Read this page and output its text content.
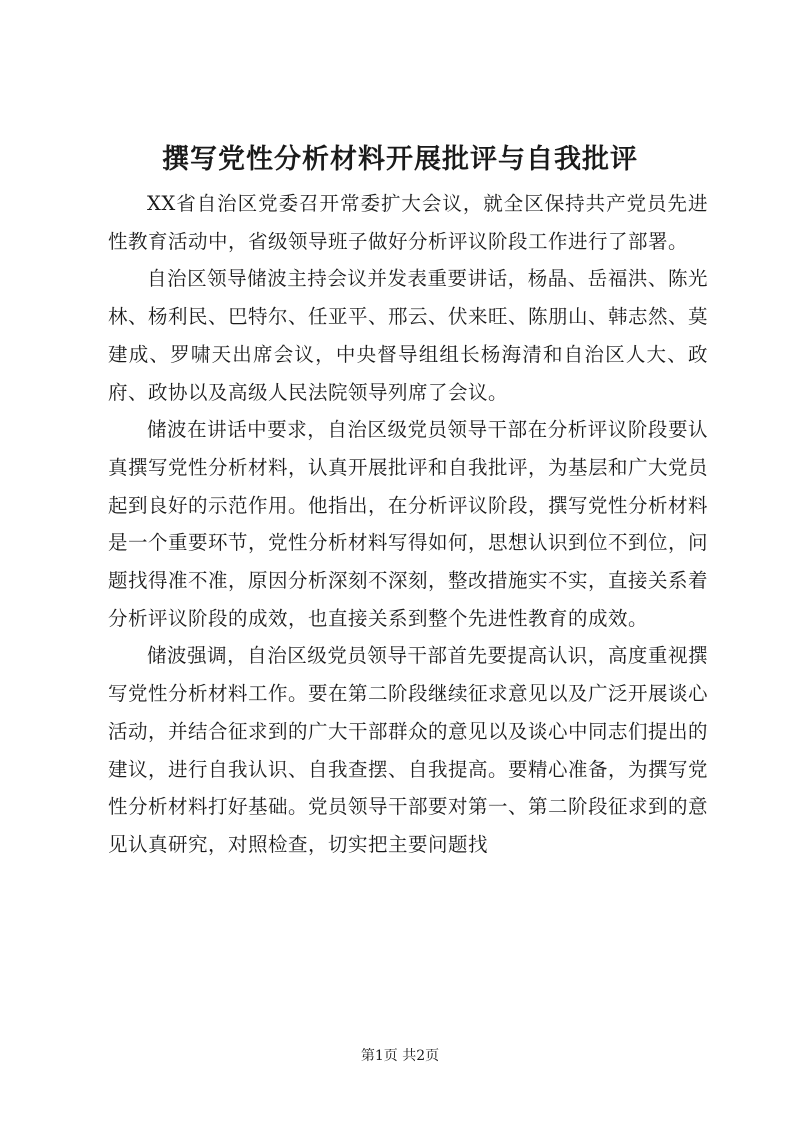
撰写党性分析材料开展批评与自我批评

XX省自治区党委召开常委扩大会议，就全区保持共产党员先进性教育活动中，省级领导班子做好分析评议阶段工作进行了部署。

自治区领导储波主持会议并发表重要讲话，杨晶、岳福洪、陈光林、杨利民、巴特尔、任亚平、邢云、伏来旺、陈朋山、韩志然、莫建成、罗啸天出席会议，中央督导组组长杨海清和自治区人大、政府、政协以及高级人民法院领导列席了会议。

储波在讲话中要求，自治区级党员领导干部在分析评议阶段要认真撰写党性分析材料，认真开展批评和自我批评，为基层和广大党员起到良好的示范作用。他指出，在分析评议阶段，撰写党性分析材料是一个重要环节，党性分析材料写得如何，思想认识到位不到位，问题找得准不准，原因分析深刻不深刻，整改措施实不实，直接关系着分析评议阶段的成效，也直接关系到整个先进性教育的成效。

储波强调，自治区级党员领导干部首先要提高认识，高度重视撰写党性分析材料工作。要在第二阶段继续征求意见以及广泛开展谈心活动，并结合征求到的广大干部群众的意见以及谈心中同志们提出的建议，进行自我认识、自我查摆、自我提高。要精心准备，为撰写党性分析材料打好基础。党员领导干部要对第一、第二阶段征求到的意见认真研究，对照检查，切实把主要问题找

第1页 共2页
